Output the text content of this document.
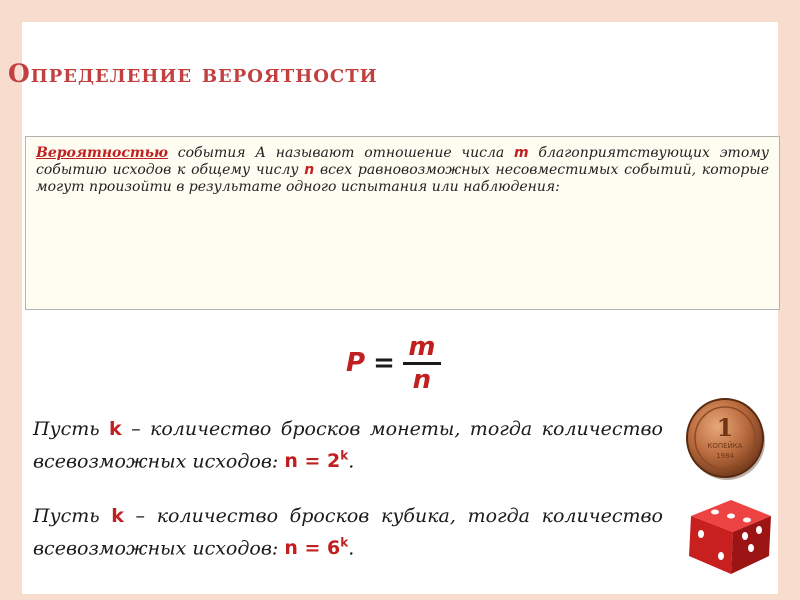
Определение вероятности

Вероятностью события А называют отношение числа m благоприятствующих этому событию исходов к общему числу n всех равновозможных несовместимых событий, которые могут произойти в результате одного испытания или наблюдения:

$P = \frac{m}{n}$

Пусть k – количество бросков монеты, тогда количество всевозможных исходов: $n = 2^k$.

Пусть k – количество бросков кубика, тогда количество всевозможных исходов: $n = 6^k$.

1
КОПЕЙКА
1984
